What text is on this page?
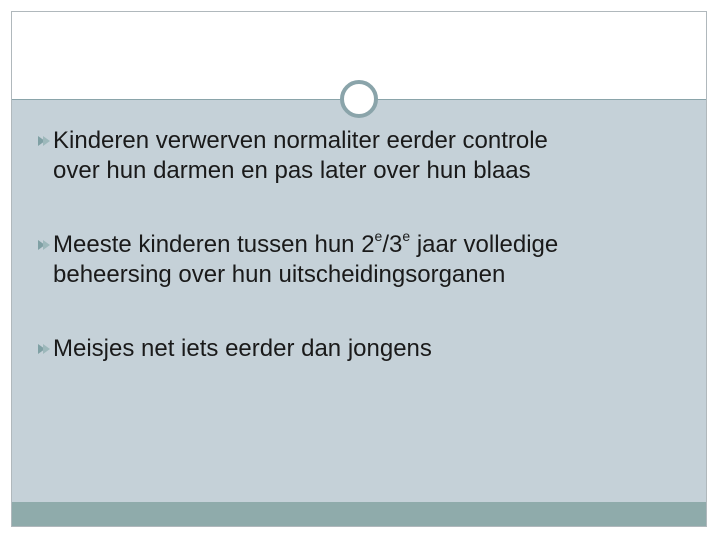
Kinderen verwerven normaliter eerder controle
over hun darmen en pas later over hun blaas
Meeste kinderen tussen hun 2e/3e jaar volledige
beheersing over hun uitscheidingsorganen
Meisjes net iets eerder dan jongens
